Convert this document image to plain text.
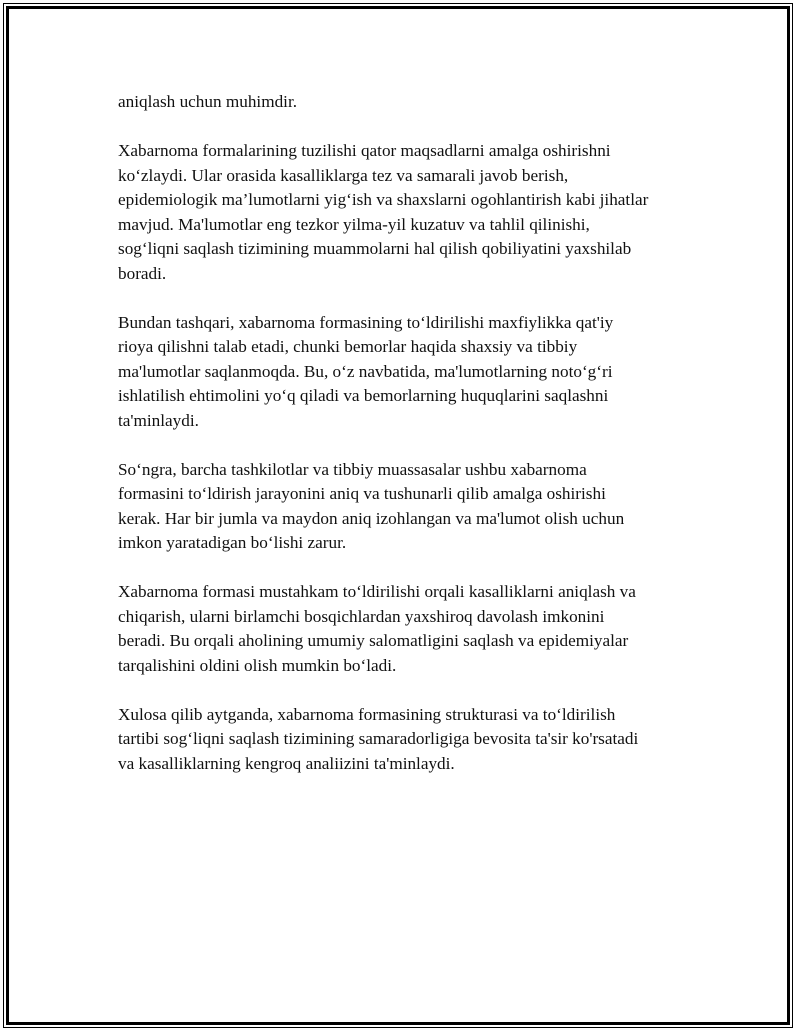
aniqlash uchun muhimdir.

Xabarnoma formalarining tuzilishi qator maqsadlarni amalga oshirishni
ko‘zlaydi. Ular orasida kasalliklarga tez va samarali javob berish,
epidemiologik ma’lumotlarni yig‘ish va shaxslarni ogohlantirish kabi jihatlar
mavjud. Ma'lumotlar eng tezkor yilma-yil kuzatuv va tahlil qilinishi,
sog‘liqni saqlash tizimining muammolarni hal qilish qobiliyatini yaxshilab
boradi.

Bundan tashqari, xabarnoma formasining to‘ldirilishi maxfiylikka qat'iy
rioya qilishni talab etadi, chunki bemorlar haqida shaxsiy va tibbiy
ma'lumotlar saqlanmoqda. Bu, o‘z navbatida, ma'lumotlarning noto‘g‘ri
ishlatilish ehtimolini yo‘q qiladi va bemorlarning huquqlarini saqlashni
ta'minlaydi.

So‘ngra, barcha tashkilotlar va tibbiy muassasalar ushbu xabarnoma
formasini to‘ldirish jarayonini aniq va tushunarli qilib amalga oshirishi
kerak. Har bir jumla va maydon aniq izohlangan va ma'lumot olish uchun
imkon yaratadigan bo‘lishi zarur.

Xabarnoma formasi mustahkam to‘ldirilishi orqali kasalliklarni aniqlash va
chiqarish, ularni birlamchi bosqichlardan yaxshiroq davolash imkonini
beradi. Bu orqali aholining umumiy salomatligini saqlash va epidemiyalar
tarqalishini oldini olish mumkin bo‘ladi.

Xulosa qilib aytganda, xabarnoma formasining strukturasi va to‘ldirilish
tartibi sog‘liqni saqlash tizimining samaradorligiga bevosita ta'sir ko'rsatadi
va kasalliklarning kengroq analiizini ta'minlaydi.
